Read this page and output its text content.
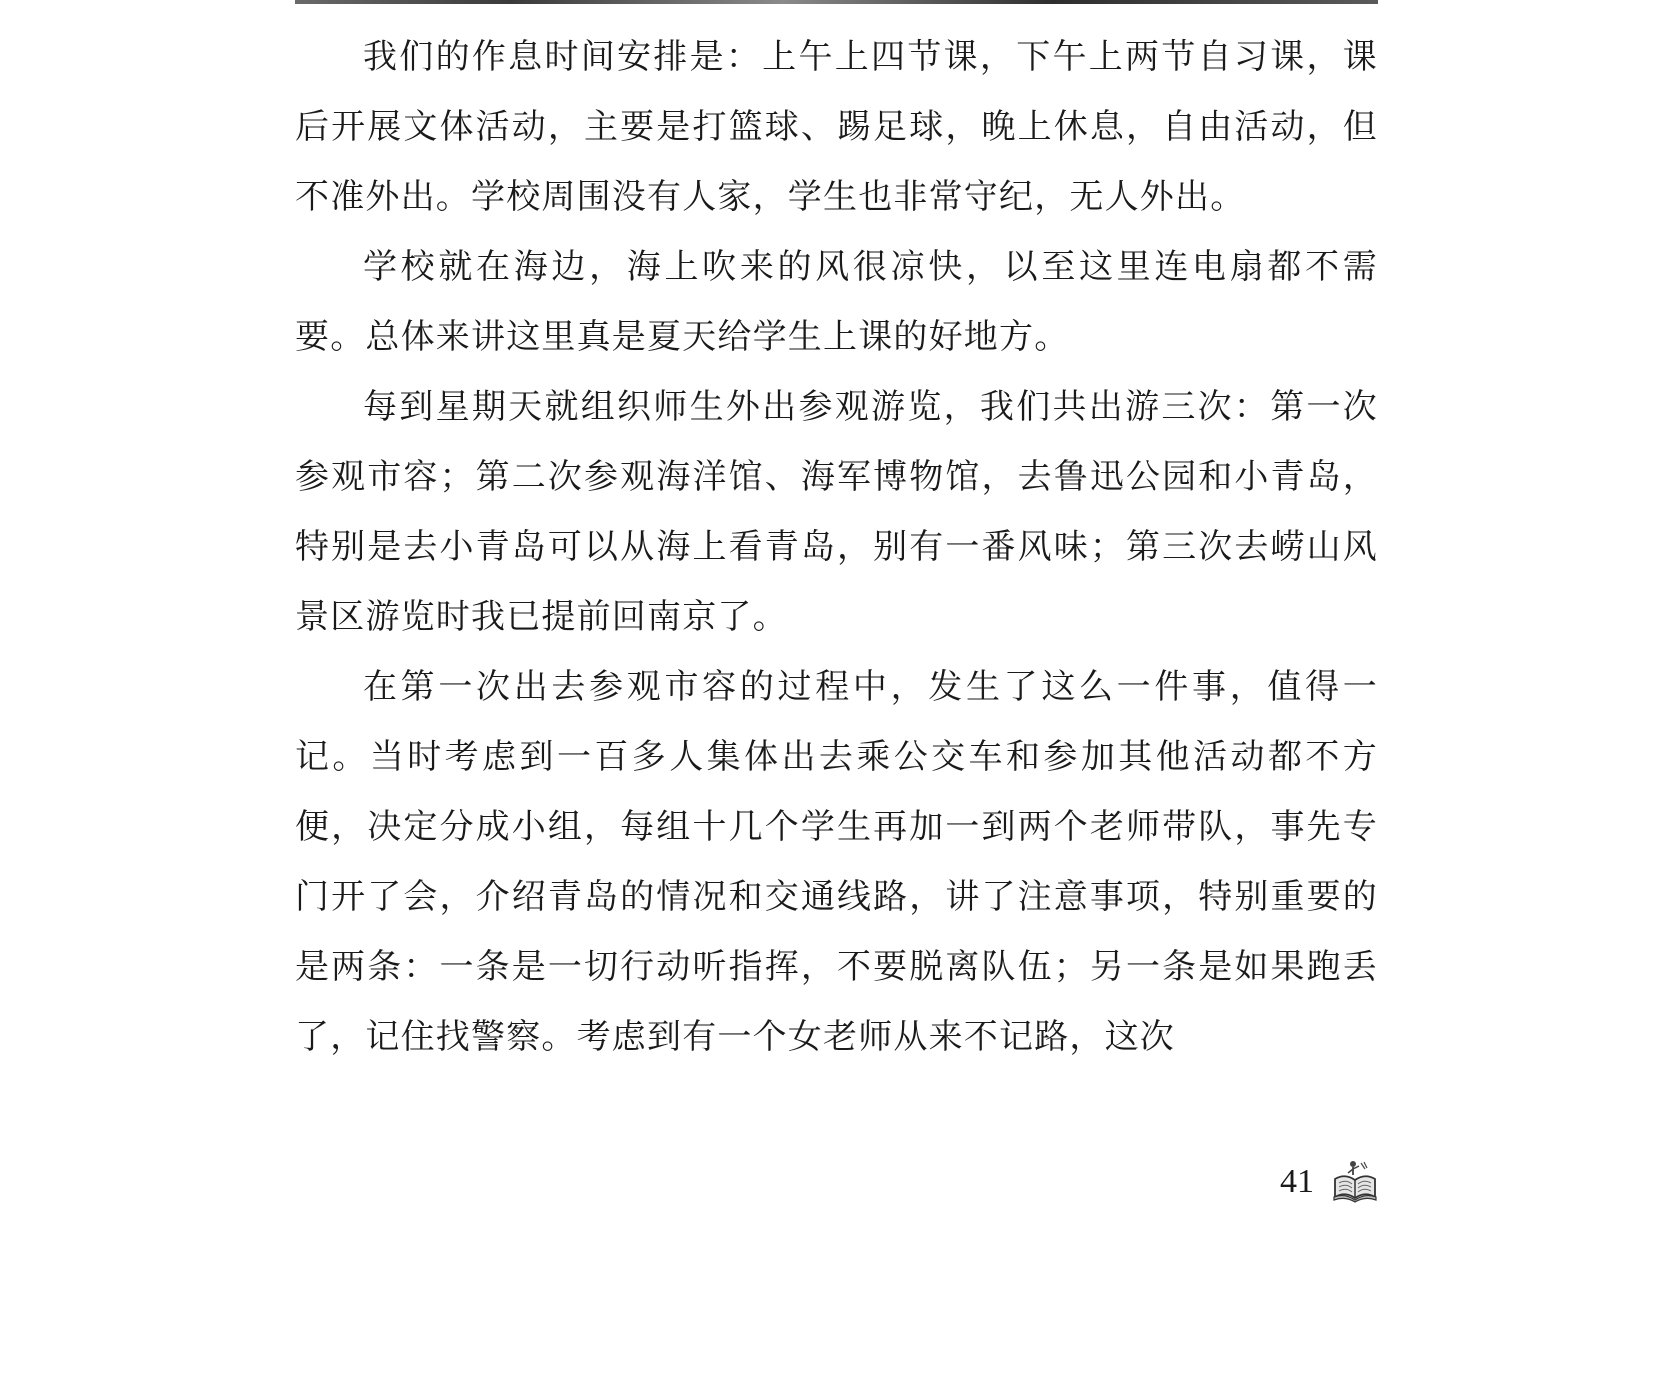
我们的作息时间安排是：上午上四节课，下午上两节自习课，课后开展文体活动，主要是打篮球、踢足球，晚上休息，自由活动，但不准外出。学校周围没有人家，学生也非常守纪，无人外出。

学校就在海边，海上吹来的风很凉快，以至这里连电扇都不需要。总体来讲这里真是夏天给学生上课的好地方。

每到星期天就组织师生外出参观游览，我们共出游三次：第一次参观市容；第二次参观海洋馆、海军博物馆，去鲁迅公园和小青岛，特别是去小青岛可以从海上看青岛，别有一番风味；第三次去崂山风景区游览时我已提前回南京了。

在第一次出去参观市容的过程中，发生了这么一件事，值得一记。当时考虑到一百多人集体出去乘公交车和参加其他活动都不方便，决定分成小组，每组十几个学生再加一到两个老师带队，事先专门开了会，介绍青岛的情况和交通线路，讲了注意事项，特别重要的是两条：一条是一切行动听指挥，不要脱离队伍；另一条是如果跑丢了，记住找警察。考虑到有一个女老师从来不记路，这次

41
